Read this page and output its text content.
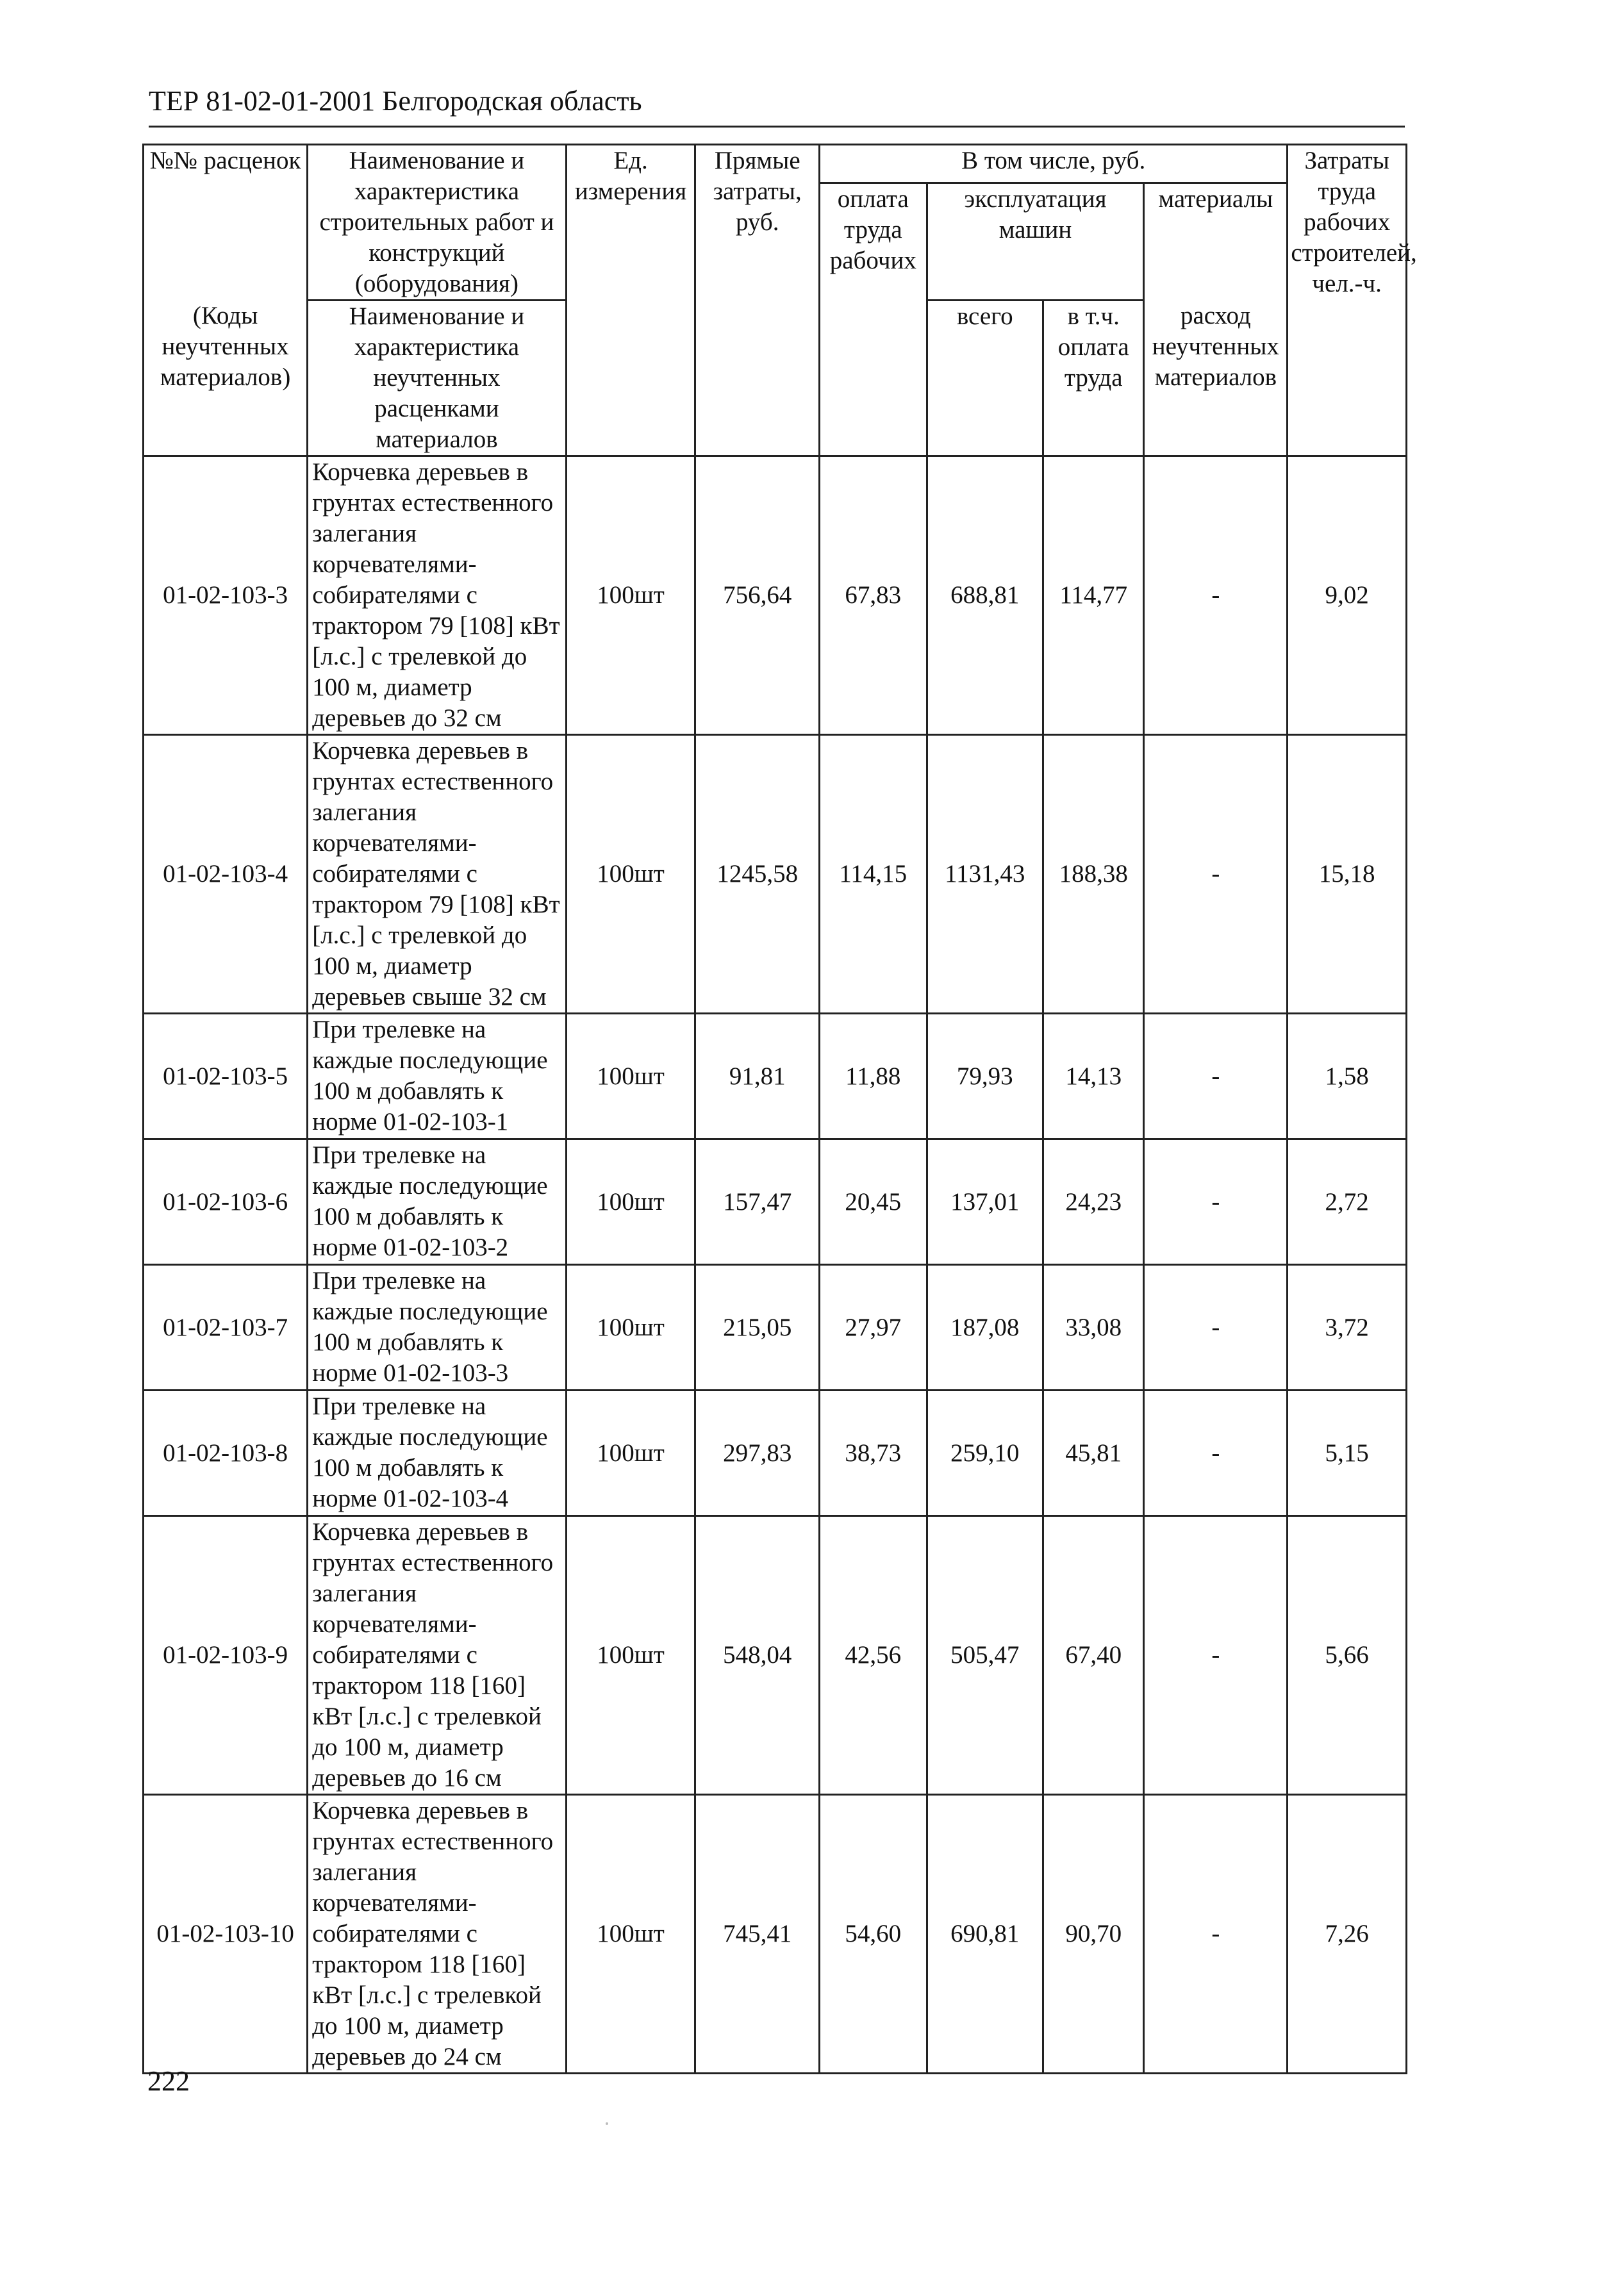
ТЕР 81-02-01-2001 Белгородская область
№№ расценок	Наименование и характеристика строительных работ и конструкций (оборудования)	Ед. измерения	Прямые затраты, руб.	В том числе, руб.				Затраты труда рабочих строителей, чел.-ч.
				оплата труда рабочих	эксплуатация машин		материалы	
(Коды неучтенных материалов)	Наименование и характеристика неучтенных расценками материалов				всего	в т.ч. оплата труда	расход неучтенных материалов	
01-02-103-3	Корчевка деревьев в грунтах естественного залегания корчевателями-собирателями с трактором 79 [108] кВт [л.с.] с трелевкой до 100 м, диаметр деревьев до 32 см	100шт	756,64	67,83	688,81	114,77	-	9,02
01-02-103-4	Корчевка деревьев в грунтах естественного залегания корчевателями-собирателями с трактором 79 [108] кВт [л.с.] с трелевкой до 100 м, диаметр деревьев свыше 32 см	100шт	1245,58	114,15	1131,43	188,38	-	15,18
01-02-103-5	При трелевке на каждые последующие 100 м добавлять к норме 01-02-103-1	100шт	91,81	11,88	79,93	14,13	-	1,58
01-02-103-6	При трелевке на каждые последующие 100 м добавлять к норме 01-02-103-2	100шт	157,47	20,45	137,01	24,23	-	2,72
01-02-103-7	При трелевке на каждые последующие 100 м добавлять к норме 01-02-103-3	100шт	215,05	27,97	187,08	33,08	-	3,72
01-02-103-8	При трелевке на каждые последующие 100 м добавлять к норме 01-02-103-4	100шт	297,83	38,73	259,10	45,81	-	5,15
01-02-103-9	Корчевка деревьев в грунтах естественного залегания корчевателями-собирателями с трактором 118 [160] кВт [л.с.] с трелевкой до 100 м, диаметр деревьев до 16 см	100шт	548,04	42,56	505,47	67,40	-	5,66
01-02-103-10	Корчевка деревьев в грунтах естественного залегания корчевателями-собирателями с трактором 118 [160] кВт [л.с.] с трелевкой до 100 м, диаметр деревьев до 24 см	100шт	745,41	54,60	690,81	90,70	-	7,26
222
